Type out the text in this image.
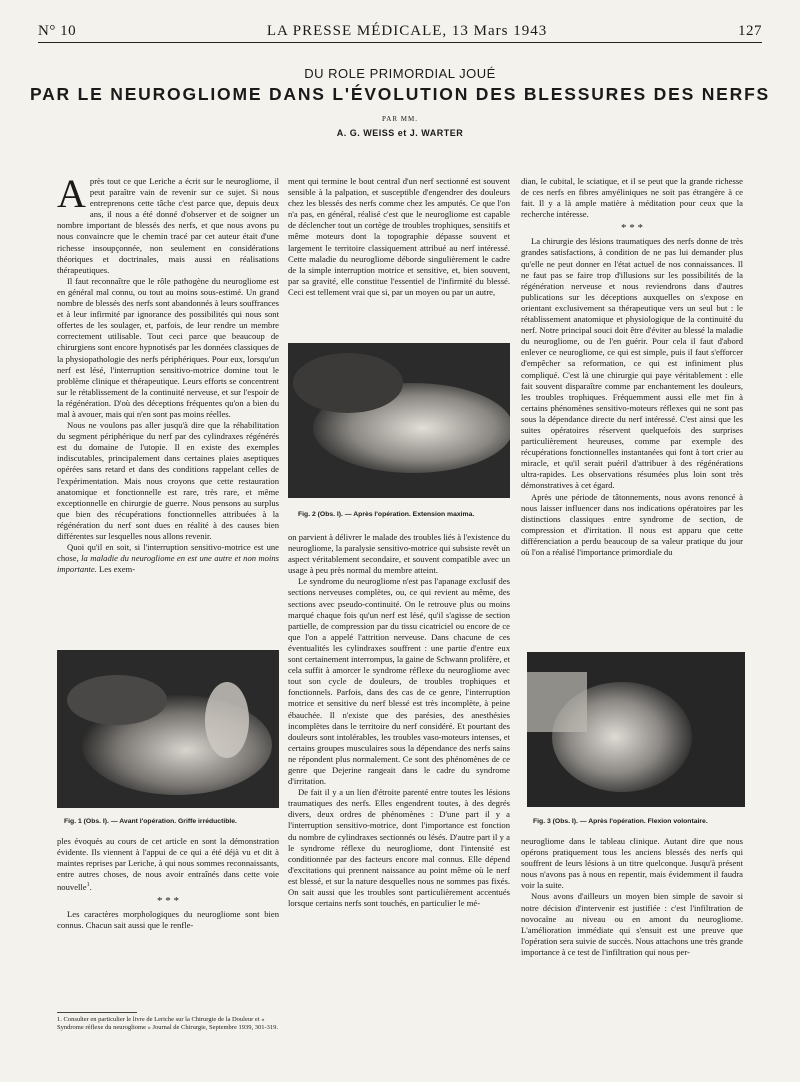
N° 10	LA PRESSE MÉDICALE, 13 Mars 1943	127
DU ROLE PRIMORDIAL JOUÉ
PAR LE NEUROGLIOME DANS L'ÉVOLUTION DES BLESSURES DES NERFS
PAR MM.
A. G. WEISS et J. WARTER

Après tout ce que Leriche a écrit sur le neurogliome, il peut paraître vain de revenir sur ce sujet. Si nous entreprenons cette tâche c'est parce que, depuis deux ans, il nous a été donné d'observer et de soigner un nombre important de blessés des nerfs, et que nous avons pu nous convaincre que le chemin tracé par cet auteur était d'une richesse insoupçonnée, non seulement en considérations théoriques et doctrinales, mais aussi en réalisations thérapeutiques.

Il faut reconnaître que le rôle pathogène du neurogliome est en général mal connu, ou tout au moins sous-estimé. Un grand nombre de blessés des nerfs sont abandonnés à leurs souffrances et à leur infirmité par ignorance des possibilités qui nous sont offertes de les soulager, et, parfois, de leur rendre un membre correctement utilisable. Tout ceci parce que beaucoup de chirurgiens sont encore hypnotisés par les données classiques de la physiopathologie des nerfs périphériques. Pour eux, lorsqu'un nerf est lésé, l'interruption sensitivo-motrice domine tout le problème clinique et thérapeutique. Leurs efforts se concentrent sur le rétablissement de la continuité nerveuse, et sur l'espoir de la régénération. D'où des déceptions fréquentes qu'on a bien du mal à avouer, mais qui n'en sont pas moins réelles.

Nous ne voulons pas aller jusqu'à dire que la réhabilitation du segment périphérique du nerf par des cylindraxes régénérés est du domaine de l'utopie. Il en existe des exemples indiscutables, principalement dans certaines plaies aseptiques opérées sans retard et dans des conditions rappelant celles de l'expérimentation. Mais nous croyons que cette restauration anatomique et fonctionnelle est rare, très rare, et même exceptionnelle en chirurgie de guerre. Nous pensons au surplus que bien des récupérations fonctionnelles attribuées à la régénération du nerf sont dues en réalité à des causes bien différentes sur lesquelles nous allons revenir.

Quoi qu'il en soit, si l'interruption sensitivo-motrice est une chose, la maladie du neurogliome en est une autre et non moins importante. Les exem-

Fig. 1 (Obs. I). — Avant l'opération. Griffe irréductible.

ples évoqués au cours de cet article en sont la démonstration évidente. Ils viennent à l'appui de ce qui a été déjà vu et dit à maintes reprises par Leriche, à qui nous sommes reconnaissants, entre autres choses, de nous avoir entraînés dans cette voie nouvelle$^1$.

* * *

Les caractères morphologiques du neurogliome sont bien connus. Chacun sait aussi que le renfle-

1. Consulter en particulier le livre de Leriche sur la Chirurgie de la Douleur et « Syndrome réflexe du neurogliome » Journal de Chirurgie, Septembre 1939, 301-319.

ment qui termine le bout central d'un nerf sectionné est souvent sensible à la palpation, et susceptible d'engendrer des douleurs chez les blessés des nerfs comme chez les amputés. Ce que l'on n'a pas, en général, réalisé c'est que le neurogliome est capable de déclencher tout un cortège de troubles trophiques, sensitifs et même moteurs dont la topographie dépasse souvent et largement le territoire classiquement attribué au nerf intéressé. Cette maladie du neurogliome déborde singulièrement le cadre de la simple interruption motrice et sensitive, et, bien souvent, par sa gravité, elle constitue l'essentiel de l'infirmité du blessé. Ceci est tellement vrai que si, par un moyen ou par un autre,

Fig. 2 (Obs. I). — Après l'opération. Extension maxima.

on parvient à délivrer le malade des troubles liés à l'existence du neurogliome, la paralysie sensitivo-motrice qui subsiste revêt un aspect véritablement secondaire, et souvent compatible avec un usage à peu près normal du membre atteint.

Le syndrome du neurogliome n'est pas l'apanage exclusif des sections nerveuses complètes, ou, ce qui revient au même, des sections avec pseudo-continuité. On le retrouve plus ou moins marqué chaque fois qu'un nerf est lésé, qu'il s'agisse de section partielle, de compression par du tissu cicatriciel ou encore de ce que l'on a appelé l'attrition nerveuse. Dans chacune de ces éventualités les cylindraxes souffrent : une partie d'entre eux sont certainement interrompus, la gaine de Schwann prolifère, et cela suffit à amorcer le syndrome réflexe du neurogliome avec tout son cycle de douleurs, de troubles trophiques et fonctionnels. Parfois, dans des cas de ce genre, l'interruption motrice et sensitive du nerf blessé est très incomplète, à peine ébauchée. Il n'existe que des parésies, des anesthésies incomplètes dans le territoire du nerf considéré. Et pourtant des douleurs sont intolérables, les troubles vaso-moteurs intenses, et certains groupes musculaires sous la dépendance des nerfs sains ne répondent plus normalement. Ce sont des phénomènes de ce genre que Dejerine rangeait dans le cadre du syndrome d'irritation.

De fait il y a un lien d'étroite parenté entre toutes les lésions traumatiques des nerfs. Elles engendrent toutes, à des degrés divers, deux ordres de phénomènes : D'une part il y a l'interruption sensitivo-motrice, dont l'importance est fonction du nombre de cylindraxes sectionnés ou lésés. D'autre part il y a le syndrome réflexe du neurogliome, dont l'intensité est conditionnée par des facteurs encore mal connus. Elle dépend d'excitations qui prennent naissance au point même où le nerf est blessé, et sur la nature desquelles nous ne sommes pas fixés. On sait aussi que les troubles sont particulièrement accentués lorsque certains nerfs sont touchés, en particulier le mé-

dian, le cubital, le sciatique, et il se peut que la grande richesse de ces nerfs en fibres amyéliniques ne soit pas étrangère à ce fait. Il y a là ample matière à méditation pour ceux que la recherche intéresse.

* * *

La chirurgie des lésions traumatiques des nerfs donne de très grandes satisfactions, à condition de ne pas lui demander plus qu'elle ne peut donner en l'état actuel de nos connaissances. Il ne faut pas se faire trop d'illusions sur les possibilités de la régénération nerveuse et nous reviendrons dans d'autres publications sur les déceptions auxquelles on s'expose en orientant exclusivement sa thérapeutique vers un seul but : le rétablissement anatomique et physiologique de la continuité du nerf. Notre principal souci doit être d'éviter au blessé la maladie du neurogliome, ou de l'en guérir. Pour cela il faut d'abord enlever ce neurogliome, ce qui est simple, puis il faut s'efforcer d'empêcher sa reformation, ce qui est infiniment plus compliqué. C'est là une chirurgie qui paye véritablement : elle fait souvent disparaître comme par enchantement les douleurs, les troubles trophiques. Fréquemment aussi elle met fin à certains phénomènes sensitivo-moteurs réflexes qui ne sont pas sous la dépendance directe du nerf intéressé. C'est ainsi que les suites opératoires réservent quelquefois des surprises particulièrement heureuses, comme par exemple des récupérations fonctionnelles instantanées qui font à tort crier au miracle, et qu'il serait puéril d'attribuer à des régénérations ultra-rapides. Les observations résumées plus loin sont très démonstratives à cet égard.

Après une période de tâtonnements, nous avons renoncé à nous laisser influencer dans nos indications opératoires par les distinctions classiques entre syndrome de section, de compression et d'irritation. Il nous est apparu que cette différenciation a perdu beaucoup de sa valeur pratique du jour où l'on a réalisé l'importance primordiale du

Fig. 3 (Obs. I). — Après l'opération. Flexion volontaire.

neurogliome dans le tableau clinique. Autant dire que nous opérons pratiquement tous les anciens blessés des nerfs qui souffrent de leurs lésions à un titre quelconque. Jusqu'à présent nous n'avons pas à nous en repentir, mais évidemment il faudra voir la suite.

Nous avons d'ailleurs un moyen bien simple de savoir si notre décision d'intervenir est justifiée : c'est l'infiltration de novocaïne au niveau ou en amont du neurogliome. L'amélioration immédiate qui s'ensuit est une preuve que l'opération sera suivie de succès. Nous attachons une très grande importance à ce test de l'infiltration qui nous per-
